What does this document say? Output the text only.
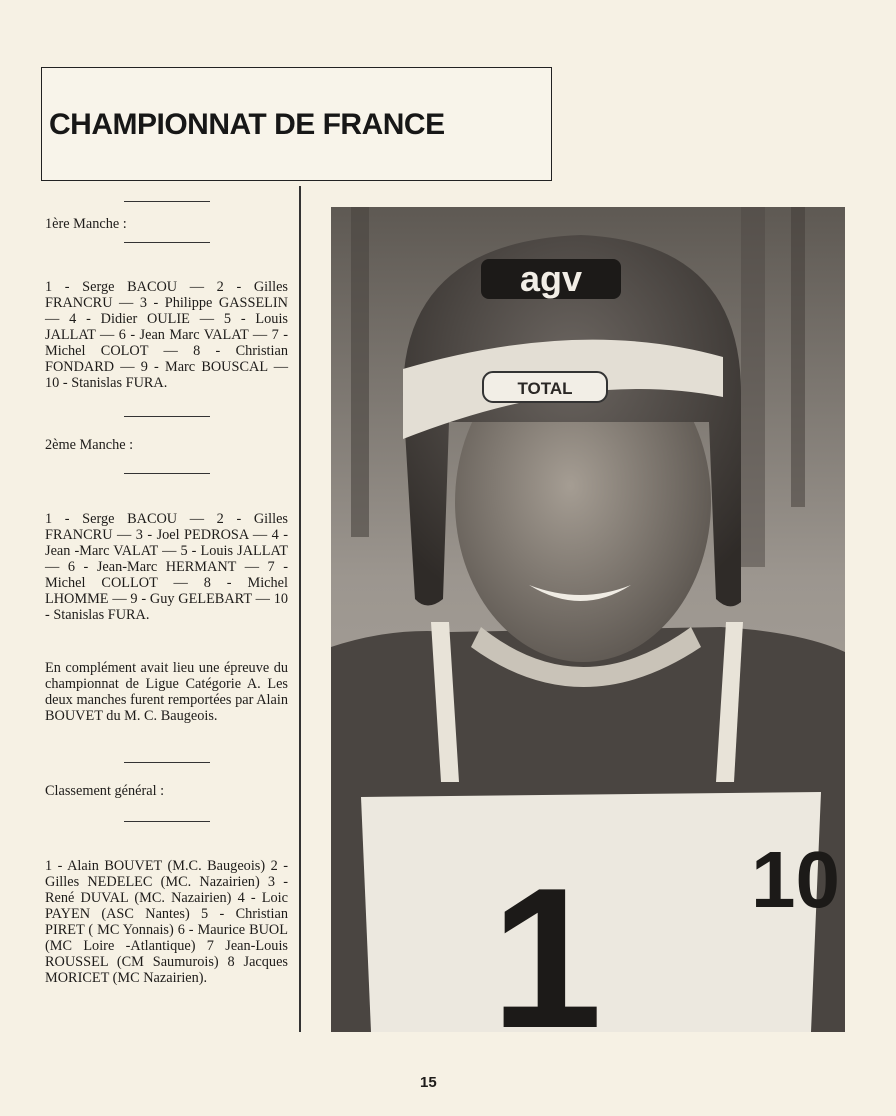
CHAMPIONNAT DE FRANCE

1ère Manche :

1 - Serge BACOU — 2 - Gilles FRANCRU — 3 - Philippe GASSELIN — 4 - Didier OULIE — 5 - Louis JALLAT — 6 - Jean Marc VALAT — 7 - Michel COLOT — 8 - Christian FONDARD — 9 - Marc BOUSCAL — 10 - Stanislas FURA.

2ème Manche :

1 - Serge BACOU — 2 - Gilles FRANCRU — 3 - Joel PEDROSA — 4 - Jean -Marc VALAT — 5 - Louis JALLAT — 6 - Jean-Marc HERMANT — 7 - Michel COLLOT — 8 - Michel LHOMME — 9 - Guy GELEBART — 10 - Stanislas FURA.

En complément avait lieu une épreuve du championnat de Ligue Catégorie A. Les deux manches furent remportées par Alain BOUVET du M. C. Baugeois.

Classement général :

1 - Alain BOUVET (M.C. Baugeois) 2 - Gilles NEDELEC (MC. Nazairien) 3 - René DUVAL (MC. Nazairien) 4 - Loic PAYEN (ASC Nantes) 5 - Christian PIRET ( MC Yonnais) 6 - Maurice BUOL (MC Loire -Atlantique) 7 Jean-Louis ROUSSEL (CM Saumurois) 8 Jacques MORICET (MC Nazairien).	1 10
agv
TOTAL
15
